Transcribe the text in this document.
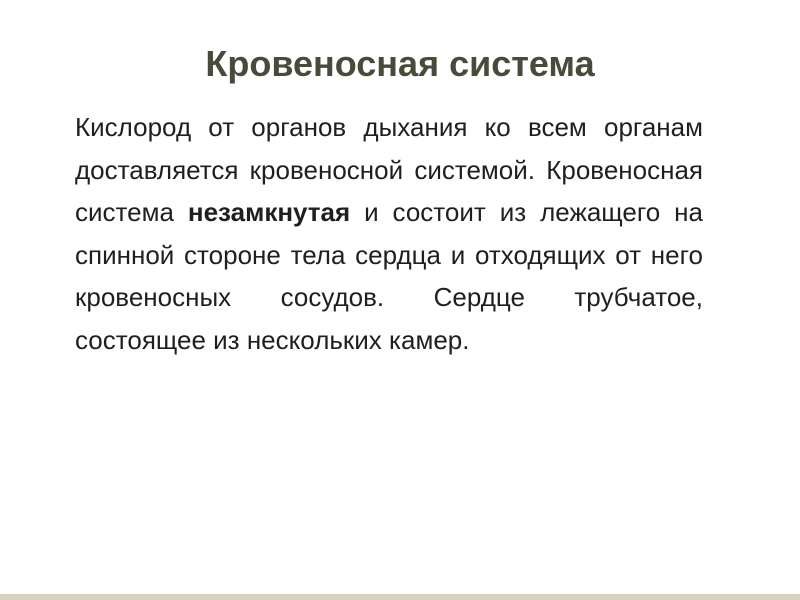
Кровеносная система

Кислород от органов дыхания ко всем органам доставляется кровеносной системой. Кровеносная система незамкнутая и состоит из лежащего на спинной стороне тела сердца и отходящих от него кровеносных сосудов. Сердце трубчатое, состоящее из нескольких камер.
